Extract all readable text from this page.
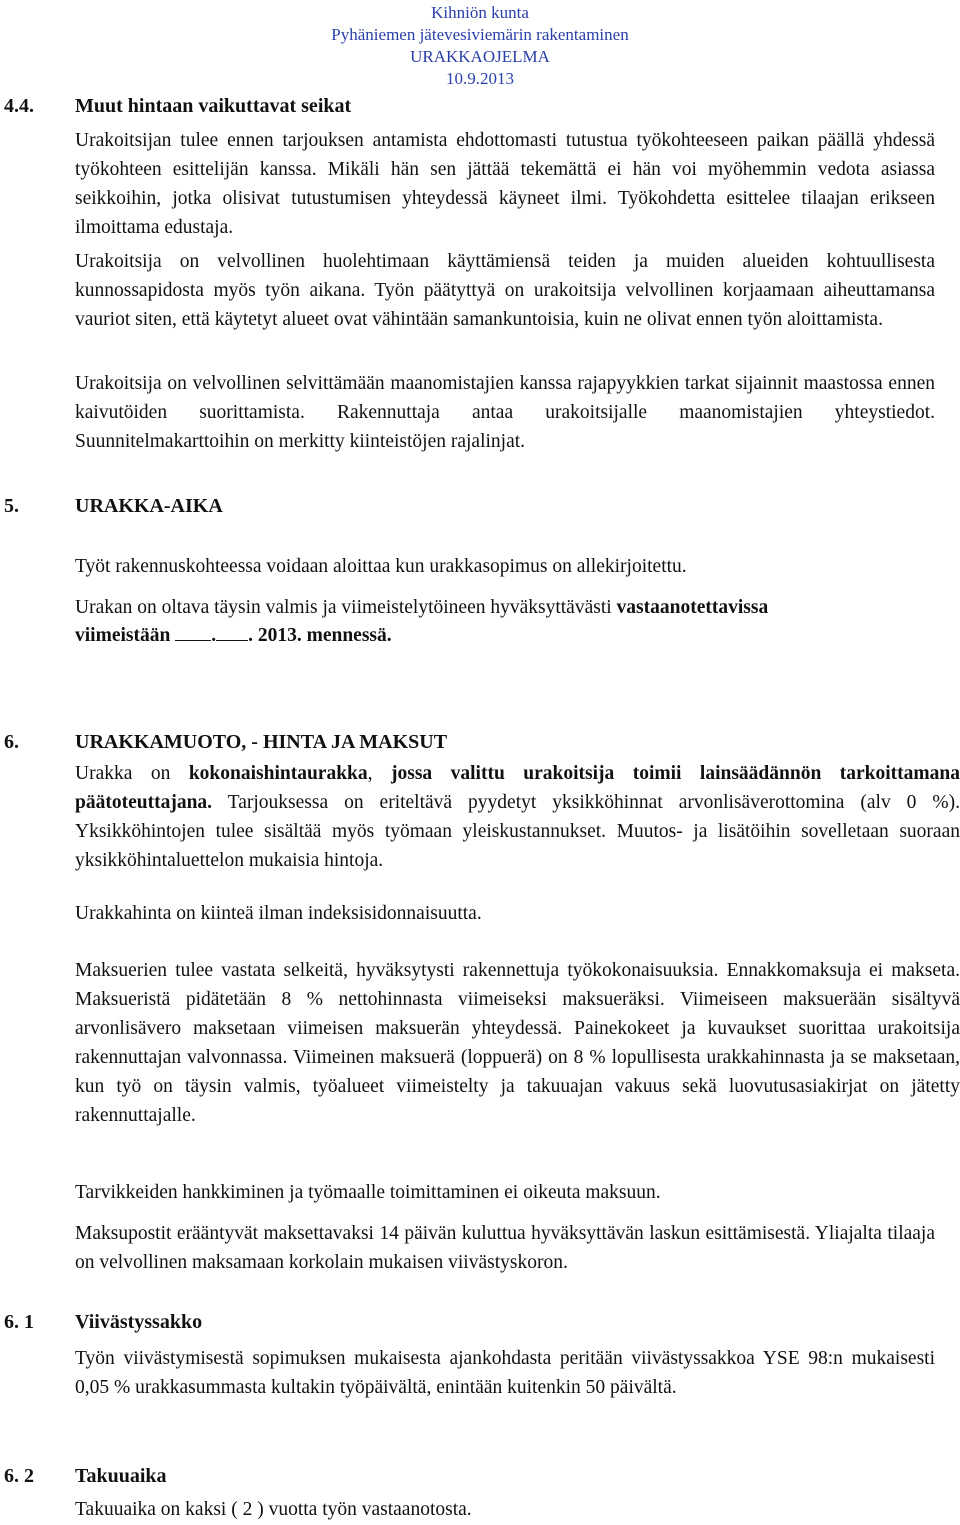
Kihniön kunta
Pyhäniemen jätevesiviemärin rakentaminen
URAKKAOJELMA
10.9.2013
4.4. Muut hintaan vaikuttavat seikat

Urakoitsijan tulee ennen tarjouksen antamista ehdottomasti tutustua työkohteeseen paikan päällä yhdessä työkohteen esittelijän kanssa. Mikäli hän sen jättää tekemättä ei hän voi myöhemmin vedota asiassa seikkoihin, jotka olisivat tutustumisen yhteydessä käyneet ilmi. Työkohdetta esittelee tilaajan erikseen ilmoittama edustaja.

Urakoitsija on velvollinen huolehtimaan käyttämiensä teiden ja muiden alueiden kohtuullisesta kunnossapidosta myös työn aikana. Työn päätyttyä on urakoitsija velvollinen korjaamaan aiheuttamansa vauriot siten, että käytetyt alueet ovat vähintään samankuntoisia, kuin ne olivat ennen työn aloittamista.

Urakoitsija on velvollinen selvittämään maanomistajien kanssa rajapyykkien tarkat sijainnit maastossa ennen kaivutöiden suorittamista. Rakennuttaja antaa urakoitsijalle maanomistajien yhteystiedot. Suunnitelmakarttoihin on merkitty kiinteistöjen rajalinjat.

5.	URAKKA-AIKA
Työt rakennuskohteessa voidaan aloittaa kun urakkasopimus on allekirjoitettu.
Urakan on oltava täysin valmis ja viimeistelytöineen hyväksyttävästi vastaanotettavissa
viimeistään . . 2013. mennessä.
6.	URAKKAMUOTO, - HINTA JA MAKSUT

Urakka on kokonaishintaurakka, jossa valittu urakoitsija toimii lainsäädännön tarkoittamana päätoteuttajana. Tarjouksessa on eriteltävä pyydetyt yksikköhinnat arvonlisäverottomina (alv 0 %). Yksikköhintojen tulee sisältää myös työmaan yleiskustannukset. Muutos- ja lisätöihin sovelletaan suoraan yksikköhintaluettelon mukaisia hintoja.

Urakkahinta on kiinteä ilman indeksisidonnaisuutta.

Maksuerien tulee vastata selkeitä, hyväksytysti rakennettuja työkokonaisuuksia. Ennakkomaksuja ei makseta. Maksueristä pidätetään 8 % nettohinnasta viimeiseksi maksueräksi. Viimeiseen maksuerään sisältyvä arvonlisävero maksetaan viimeisen maksuerän yhteydessä. Painekokeet ja kuvaukset suorittaa urakoitsija rakennuttajan valvonnassa. Viimeinen maksuerä (loppuerä) on 8 % lopullisesta urakkahinnasta ja se maksetaan, kun työ on täysin valmis, työalueet viimeistelty ja takuuajan vakuus sekä luovutusasiakirjat on jätetty rakennuttajalle.

Tarvikkeiden hankkiminen ja työmaalle toimittaminen ei oikeuta maksuun.

Maksupostit erääntyvät maksettavaksi 14 päivän kuluttua hyväksyttävän laskun esittämisestä. Yliajalta tilaaja on velvollinen maksamaan korkolain mukaisen viivästyskoron.

6. 1 Viivästyssakko

Työn viivästymisestä sopimuksen mukaisesta ajankohdasta peritään viivästyssakkoa YSE 98:n mukaisesti 0,05 % urakkasummasta kultakin työpäivältä, enintään kuitenkin 50 päivältä.

6. 2 Takuuaika
Takuuaika on kaksi ( 2 ) vuotta työn vastaanotosta.
